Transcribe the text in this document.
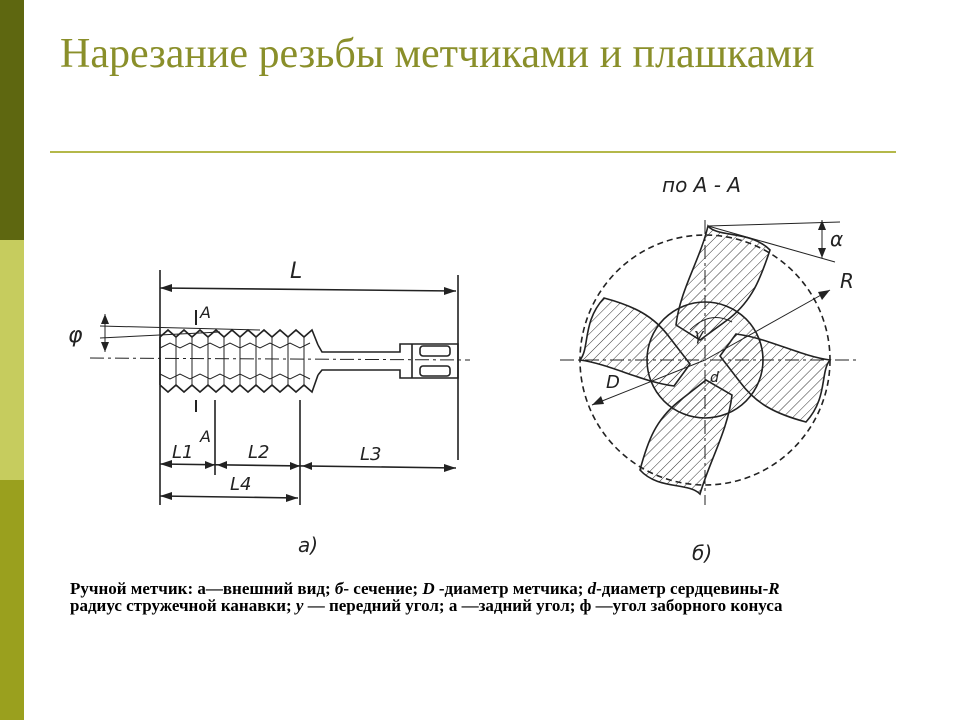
Нарезание резьбы метчиками и плашками
L
A
A
φ
L1	L2	L3
L4
а)
по А - А
α
R
D
γ
d
б)

Ручной метчик: а—внешний вид; б- сечение; D -диаметр метчика; d-диаметр сердцевины-R радиус стружечной канавки; у — передний угол; а —задний угол; ф —угол заборного конуса
